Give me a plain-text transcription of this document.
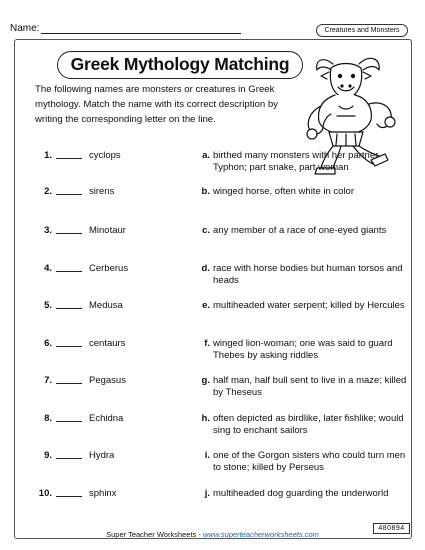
Name:	Creatures and Monsters
Greek Mythology Matching
The following names are monsters or creatures in Greek mythology. Match the name with its correct description by writing the corresponding letter on the line.
1.	cyclops	a. birthed many monsters with her partner Typhon; part snake, part woman
2.	sirens	b. winged horse, often white in color
3.	Minotaur	c. any member of a race of one-eyed giants
4.	Cerberus	d. race with horse bodies but human torsos and heads
5.	Medusa	e. multiheaded water serpent; killed by Hercules
6.	centaurs	f. winged lion-woman; one was said to guard Thebes by asking riddles
7.	Pegasus	g. half man, half bull sent to live in a maze; killed by Theseus
8.	Echidna	h. often depicted as birdlike, later fishlike; would sing to enchant sailors
9.	Hydra	i. one of the Gorgon sisters who could turn men to stone; killed by Perseus
10.	sphinx	j. multiheaded dog guarding the underworld
480894
Super Teacher Worksheets - www.superteacherworksheets.com
